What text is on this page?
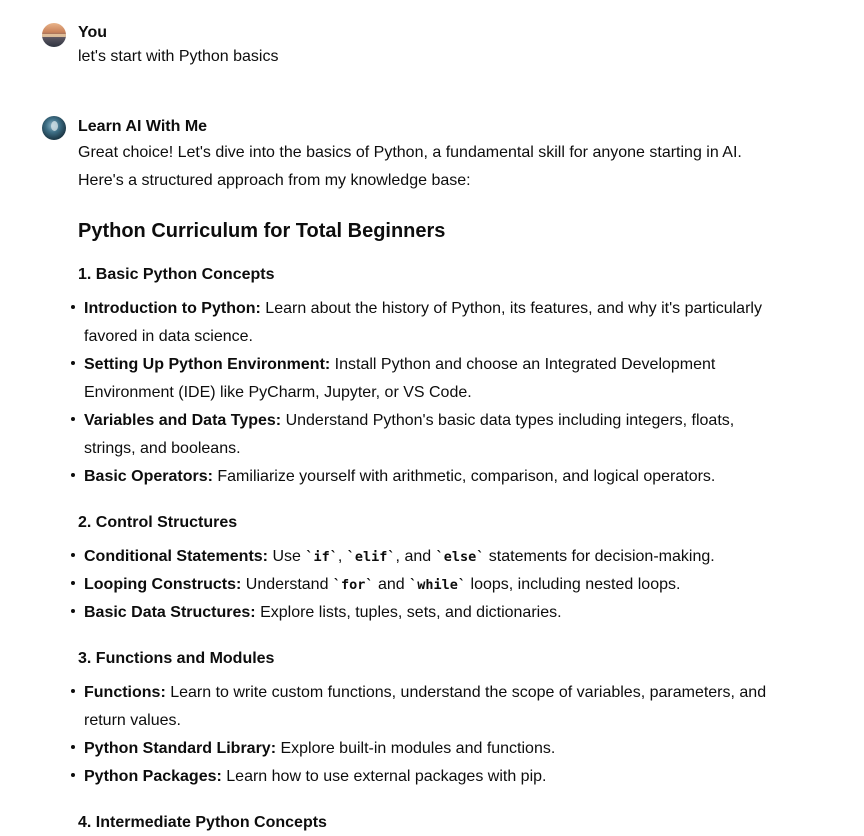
You
let's start with Python basics
Learn AI With Me
Great choice! Let's dive into the basics of Python, a fundamental skill for anyone starting in AI.
Here's a structured approach from my knowledge base:
Python Curriculum for Total Beginners
1. Basic Python Concepts
Introduction to Python: Learn about the history of Python, its features, and why it's particularly favored in data science.
Setting Up Python Environment: Install Python and choose an Integrated Development Environment (IDE) like PyCharm, Jupyter, or VS Code.
Variables and Data Types: Understand Python's basic data types including integers, floats, strings, and booleans.
Basic Operators: Familiarize yourself with arithmetic, comparison, and logical operators.
2. Control Structures
Conditional Statements: Use `if`, `elif`, and `else` statements for decision-making.
Looping Constructs: Understand `for` and `while` loops, including nested loops.
Basic Data Structures: Explore lists, tuples, sets, and dictionaries.
3. Functions and Modules
Functions: Learn to write custom functions, understand the scope of variables, parameters, and return values.
Python Standard Library: Explore built-in modules and functions.
Python Packages: Learn how to use external packages with pip.
4. Intermediate Python Concepts
